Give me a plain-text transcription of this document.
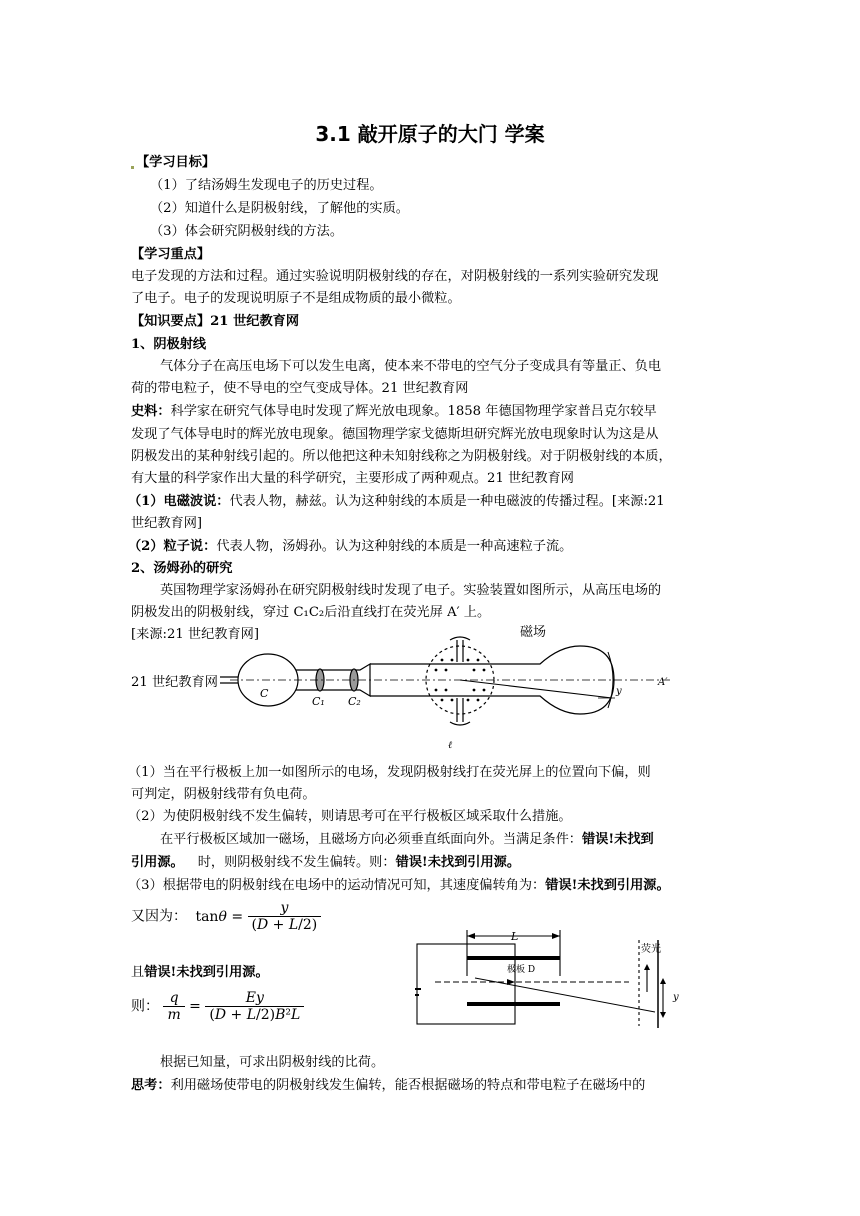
3.1 敲开原子的大门 学案
【学习目标】
（1）了结汤姆生发现电子的历史过程。
（2）知道什么是阴极射线，了解他的实质。
（3）体会研究阴极射线的方法。
【学习重点】
电子发现的方法和过程。通过实验说明阴极射线的存在，对阴极射线的一系列实验研究发现
了电子。电子的发现说明原子不是组成物质的最小微粒。
【知识要点】21 世纪教育网
1、阴极射线
气体分子在高压电场下可以发生电离，使本来不带电的空气分子变成具有等量正、负电
荷的带电粒子，使不导电的空气变成导体。21 世纪教育网
史料：科学家在研究气体导电时发现了辉光放电现象。1858 年德国物理学家普吕克尔较早
发现了气体导电时的辉光放电现象。德国物理学家戈德斯坦研究辉光放电现象时认为这是从
阴极发出的某种射线引起的。所以他把这种未知射线称之为阴极射线。对于阴极射线的本质，
有大量的科学家作出大量的科学研究，主要形成了两种观点。21 世纪教育网
（1）电磁波说：代表人物，赫兹。认为这种射线的本质是一种电磁波的传播过程。[来源:21
世纪教育网]
（2）粒子说：代表人物，汤姆孙。认为这种射线的本质是一种高速粒子流。
2、汤姆孙的研究
英国物理学家汤姆孙在研究阴极射线时发现了电子。实验装置如图所示，从高压电场的
阴极发出的阴极射线，穿过 C₁C₂后沿直线打在荧光屏 A′ 上。
[来源:21 世纪教育网]
21 世纪教育网
磁场
C
C₁ C₂
A′
y
ℓ
（1）当在平行极板上加一如图所示的电场，发现阴极射线打在荧光屏上的位置向下偏，则
可判定，阴极射线带有负电荷。
（2）为使阴极射线不发生偏转，则请思考可在平行极板区域采取什么措施。
在平行极板区域加一磁场，且磁场方向必须垂直纸面向外。当满足条件：错误!未找到
引用源。 时，则阴极射线不发生偏转。则：错误!未找到引用源。
（3）根据带电的阴极射线在电场中的运动情况可知，其速度偏转角为：错误!未找到引用源。
又因为： $\tan\theta = \frac{y}{(D + L/2)}$
且错误!未找到引用源。
则： $\frac{q}{m} = \frac{Ey}{\text{(D + L/2)B²L}}$
L
荧光
极板 D
y
根据已知量，可求出阴极射线的比荷。
思考：利用磁场使带电的阴极射线发生偏转，能否根据磁场的特点和带电粒子在磁场中的
